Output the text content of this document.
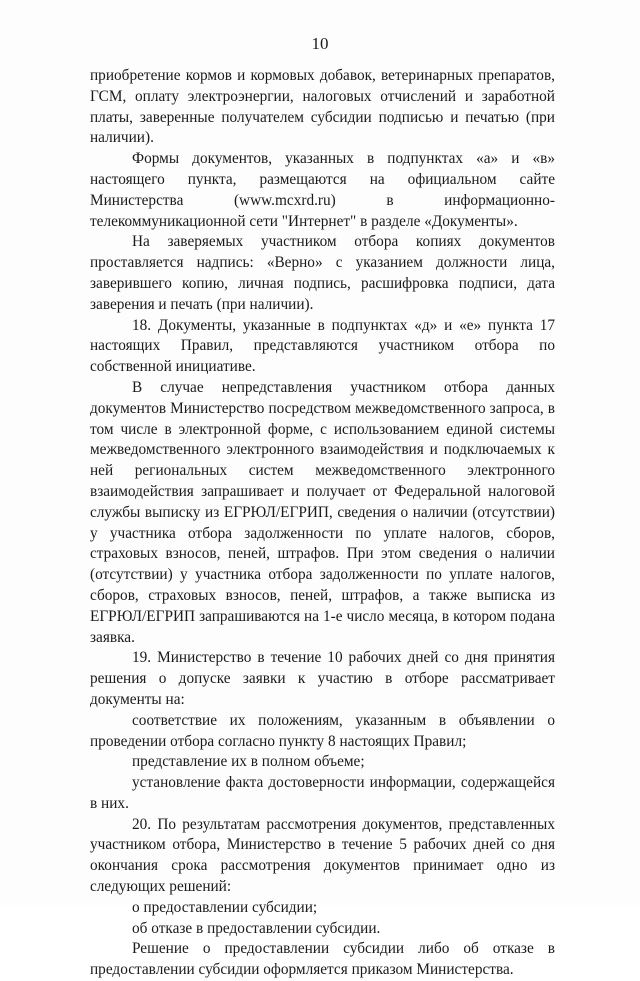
10

приобретение кормов и кормовых добавок, ветеринарных препаратов, ГСМ, оплату электроэнергии, налоговых отчислений и заработной платы, заверенные получателем субсидии подписью и печатью (при наличии).

Формы документов, указанных в подпунктах «а» и «в» настоящего пункта, размещаются на официальном сайте Министерства (www.mcxrd.ru) в информационно-телекоммуникационной сети "Интернет" в разделе «Документы».

На заверяемых участником отбора копиях документов проставляется надпись: «Верно» с указанием должности лица, заверившего копию, личная подпись, расшифровка подписи, дата заверения и печать (при наличии).

18. Документы, указанные в подпунктах «д» и «е» пункта 17 настоящих Правил, представляются участником отбора по собственной инициативе.

В случае непредставления участником отбора данных документов Министерство посредством межведомственного запроса, в том числе в электронной форме, с использованием единой системы межведомственного электронного взаимодействия и подключаемых к ней региональных систем межведомственного электронного взаимодействия запрашивает и получает от Федеральной налоговой службы выписку из ЕГРЮЛ/ЕГРИП, сведения о наличии (отсутствии) у участника отбора задолженности по уплате налогов, сборов, страховых взносов, пеней, штрафов. При этом сведения о наличии (отсутствии) у участника отбора задолженности по уплате налогов, сборов, страховых взносов, пеней, штрафов, а также выписка из ЕГРЮЛ/ЕГРИП запрашиваются на 1-е число месяца, в котором подана заявка.

19. Министерство в течение 10 рабочих дней со дня принятия решения о допуске заявки к участию в отборе рассматривает документы на:

соответствие их положениям, указанным в объявлении о проведении отбора согласно пункту 8 настоящих Правил;

представление их в полном объеме;

установление факта достоверности информации, содержащейся в них.

20. По результатам рассмотрения документов, представленных участником отбора, Министерство в течение 5 рабочих дней со дня окончания срока рассмотрения документов принимает одно из следующих решений:

о предоставлении субсидии;

об отказе в предоставлении субсидии.

Решение о предоставлении субсидии либо об отказе в предоставлении субсидии оформляется приказом Министерства.
